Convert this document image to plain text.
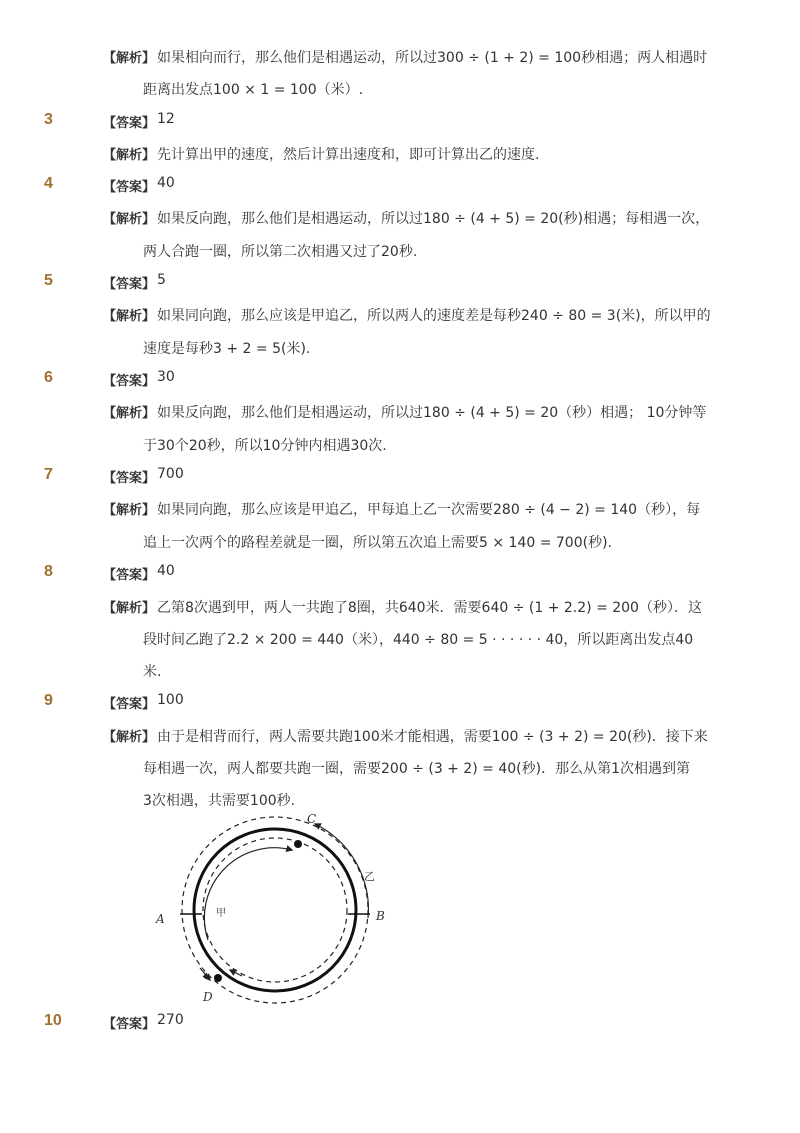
【解析】 如果相向而行，那么他们是相遇运动，所以过300 ÷ (1 + 2) = 100秒相遇；两人相遇时
距离出发点100 × 1 = 100（米）.
3	【答案】 12
【解析】 先计算出甲的速度，然后计算出速度和，即可计算出乙的速度.
4	【答案】 40
【解析】 如果反向跑，那么他们是相遇运动，所以过180 ÷ (4 + 5) = 20(秒)相遇；每相遇一次，
两人合跑一圈，所以第二次相遇又过了20秒.
5	【答案】 5
【解析】 如果同向跑，那么应该是甲追乙，所以两人的速度差是每秒240 ÷ 80 = 3(米)，所以甲的
速度是每秒3 + 2 = 5(米).
6	【答案】 30
【解析】 如果反向跑，那么他们是相遇运动，所以过180 ÷ (4 + 5) = 20（秒）相遇； 10分钟等
于30个20秒，所以10分钟内相遇30次.
7	【答案】 700
【解析】 如果同向跑，那么应该是甲追乙，甲每追上乙一次需要280 ÷ (4 − 2) = 140（秒），每
追上一次两个的路程差就是一圈，所以第五次追上需要5 × 140 = 700(秒).
8	【答案】 40
【解析】 乙第8次遇到甲，两人一共跑了8圈，共640米．需要640 ÷ (1 + 2.2) = 200（秒）．这
段时间乙跑了2.2 × 200 = 440（米），440 ÷ 80 = 5 · · · · · · 40，所以距离出发点40
米.
9	【答案】 100
【解析】 由于是相背而行，两人需要共跑100米才能相遇，需要100 ÷ (3 + 2) = 20(秒)．接下来
每相遇一次，两人都要共跑一圈，需要200 ÷ (3 + 2) = 40(秒)．那么从第1次相遇到第
3次相遇，共需要100秒.
A	B
C
D
甲
乙
10	【答案】 270
